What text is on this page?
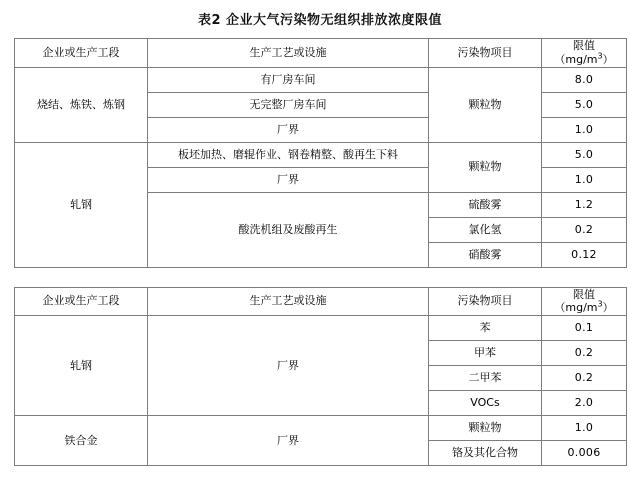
表2 企业大气污染物无组织排放浓度限值
企业或生产工段	生产工艺或设施	污染物项目	限值$(mg/m^3)$
烧结、炼铁、炼钢	有厂房车间	颗粒物	8.0
	无完整厂房车间		5.0
	厂界		1.0
轧钢	板坯加热、磨辊作业、钢卷精整、酸再生下料	颗粒物	5.0
	厂界		1.0
	酸洗机组及废酸再生	硫酸雾	1.2
		氯化氢	0.2
		硝酸雾	0.12
企业或生产工段	生产工艺或设施	污染物项目	限值$(mg/m^3)$
轧钢	厂界	苯	0.1
		甲苯	0.2
		二甲苯	0.2
		VOCs	2.0
铁合金	厂界	颗粒物	1.0
		铬及其化合物	0.006
